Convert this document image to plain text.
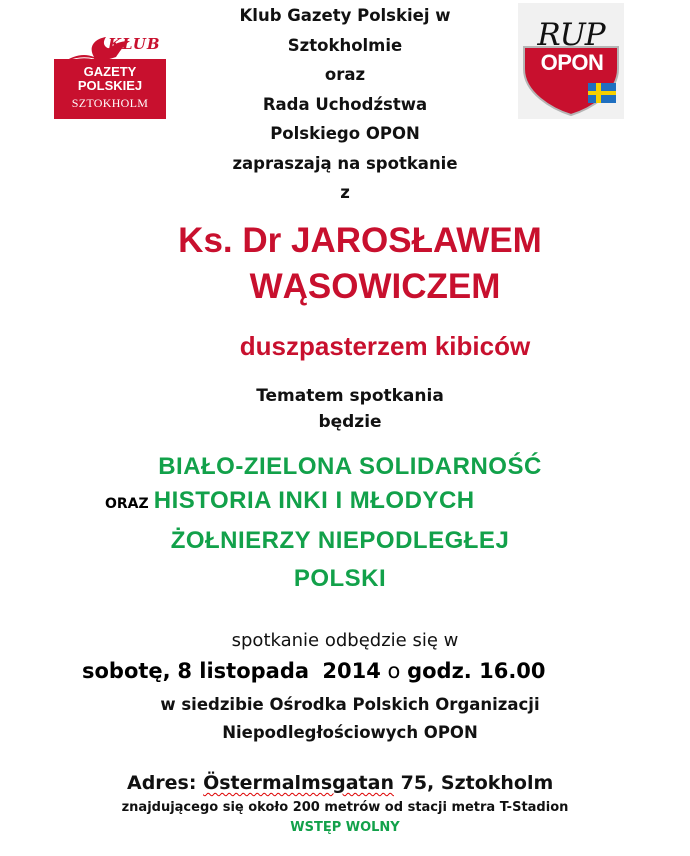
KLUB
GAZETY
POLSKIEJ
SZTOKHOLM
RUP
OPON
Klub Gazety Polskiej w
Sztokholmie
oraz
Rada Uchodźstwa
Polskiego OPON
zapraszają na spotkanie
z
Ks. Dr JAROSŁAWEM
WĄSOWICZEM
duszpasterzem kibiców
Tematem spotkania
będzie
BIAŁO-ZIELONA SOLIDARNOŚĆ
ORAZ HISTORIA INKI I MŁODYCH
ŻOŁNIERZY NIEPODLEGŁEJ
POLSKI
spotkanie odbędzie się w
sobotę, 8 listopada 2014 o godz. 16.00
w siedzibie Ośrodka Polskich Organizacji
Niepodległościowych OPON
Adres: Östermalmsgatan 75, Sztokholm
znajdującego się około 200 metrów od stacji metra T-Stadion
WSTĘP WOLNY
